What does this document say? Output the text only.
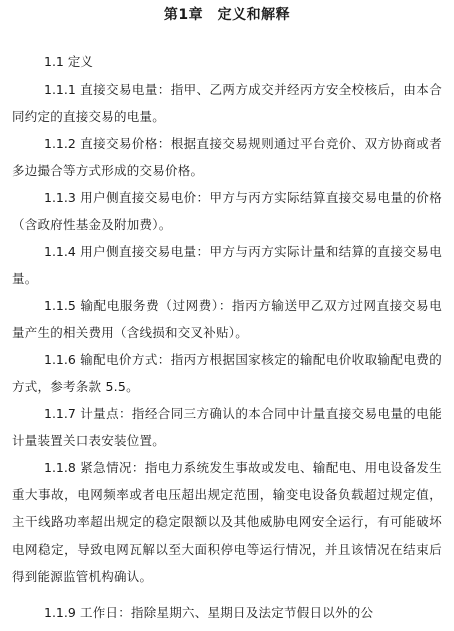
第1章　定义和解释
1.1 定义
1.1.1 直接交易电量：指甲、乙两方成交并经丙方安全校核后，由本合同约定的直接交易的电量。
1.1.2 直接交易价格：根据直接交易规则通过平台竞价、双方协商或者多边撮合等方式形成的交易价格。
1.1.3 用户侧直接交易电价：甲方与丙方实际结算直接交易电量的价格（含政府性基金及附加费）。
1.1.4 用户侧直接交易电量：甲方与丙方实际计量和结算的直接交易电量。
1.1.5 输配电服务费（过网费）：指丙方输送甲乙双方过网直接交易电量产生的相关费用（含线损和交叉补贴）。
1.1.6 输配电价方式：指丙方根据国家核定的输配电价收取输配电费的方式，参考条款 5.5。
1.1.7 计量点：指经合同三方确认的本合同中计量直接交易电量的电能计量装置关口表安装位置。
1.1.8 紧急情况：指电力系统发生事故或发电、输配电、用电设备发生重大事故，电网频率或者电压超出规定范围，输变电设备负载超过规定值，主干线路功率超出规定的稳定限额以及其他威胁电网安全运行，有可能破坏电网稳定，导致电网瓦解以至大面积停电等运行情况，并且该情况在结束后得到能源监管机构确认。
1.1.9 工作日：指除星期六、星期日及法定节假日以外的公
